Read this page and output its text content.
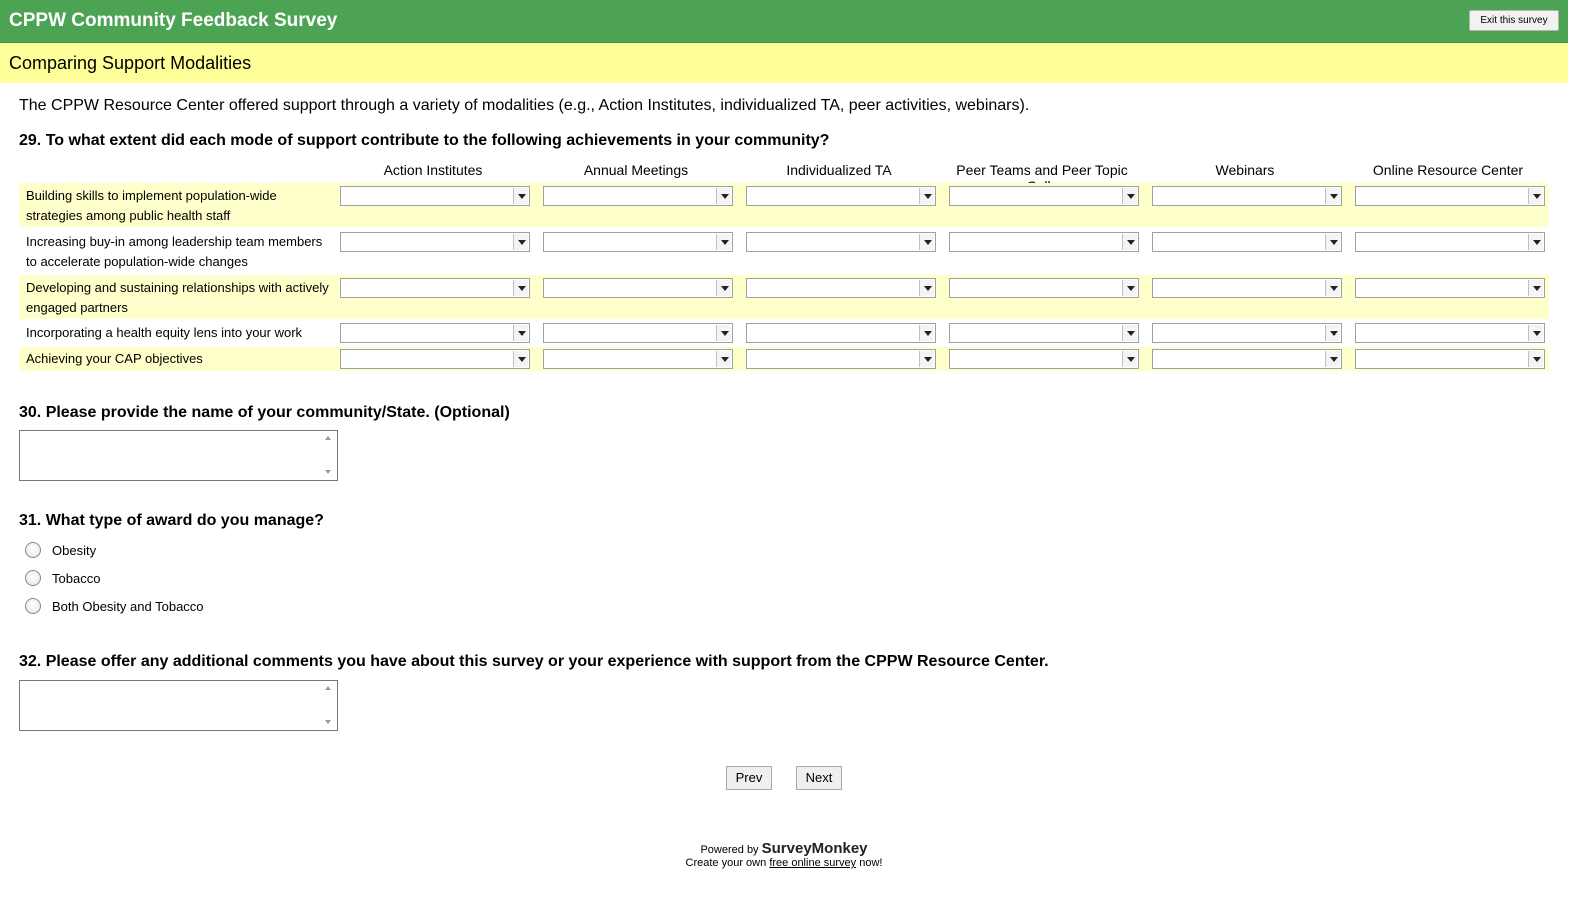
CPPW Community Feedback Survey	Exit this survey
Comparing Support Modalities
The CPPW Resource Center offered support through a variety of modalities (e.g., Action Institutes, individualized TA, peer activities, webinars).
29. To what extent did each mode of support contribute to the following achievements in your community?
Action Institutes	Annual Meetings	Individualized TA	Peer Teams and Peer Topic	Webinars	Online Resource Center
Building skills to implement population-wide
strategies among public health staff
Increasing buy-in among leadership team members
to accelerate population-wide changes
Developing and sustaining relationships with actively
engaged partners
Incorporating a health equity lens into your work
Achieving your CAP objectives
30. Please provide the name of your community/State. (Optional)
31. What type of award do you manage?
Obesity
Tobacco
Both Obesity and Tobacco
32. Please offer any additional comments you have about this survey or your experience with support from the CPPW Resource Center.
Prev	Next
Powered by SurveyMonkey
Create your own free online survey now!
